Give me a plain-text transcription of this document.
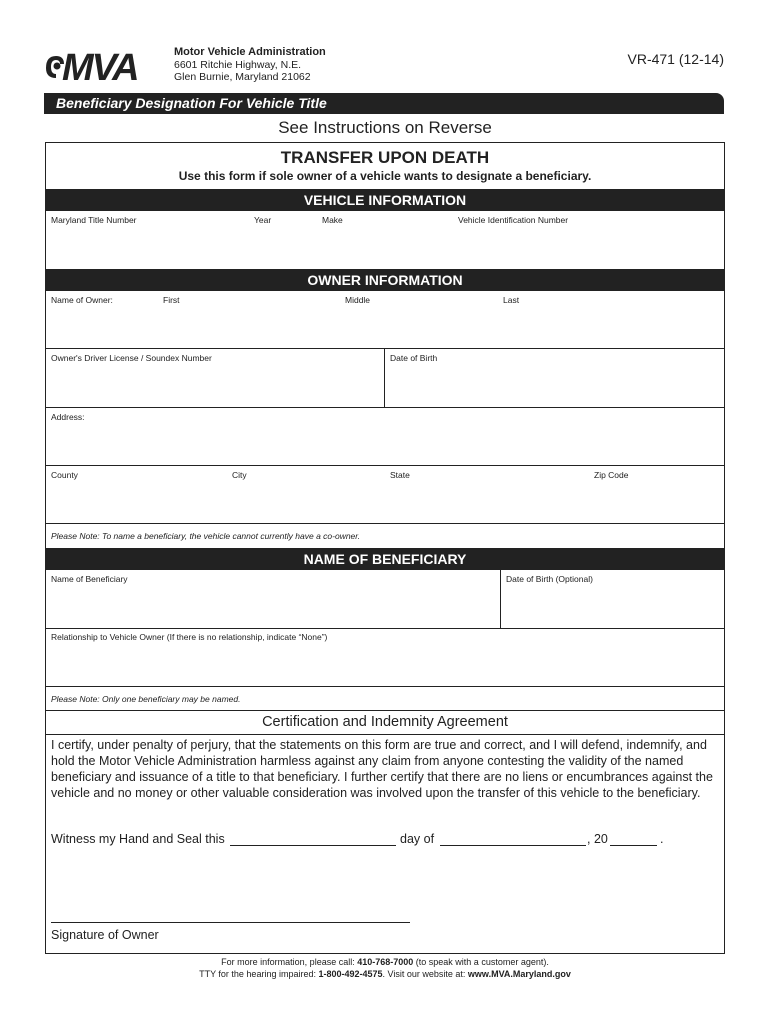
MVA	Motor Vehicle Administration
6601 Ritchie Highway, N.E.
Glen Burnie, Maryland 21062
VR-471 (12-14)
Beneficiary Designation For Vehicle Title
See Instructions on Reverse
TRANSFER UPON DEATH
Use this form if sole owner of a vehicle wants to designate a beneficiary.
VEHICLE INFORMATION
Maryland Title Number	Year	Make	Vehicle Identification Number
OWNER INFORMATION
Name of Owner:	First	Middle	Last
Owner's Driver License / Soundex Number	Date of Birth
Address:
County	City	State	Zip Code
Please Note: To name a beneficiary, the vehicle cannot currently have a co-owner.
NAME OF BENEFICIARY
Name of Beneficiary	Date of Birth (Optional)
Relationship to Vehicle Owner (If there is no relationship, indicate “None”)
Please Note: Only one beneficiary may be named.
Certification and Indemnity Agreement
I certify, under penalty of perjury, that the statements on this form are true and correct, and I will defend, indemnify, and hold the Motor Vehicle Administration harmless against any claim from anyone contesting the validity of the named beneficiary and issuance of a title to that beneficiary. I further certify that there are no liens or encumbrances against the vehicle and no money or other valuable consideration was involved upon the transfer of this vehicle to the beneficiary.
Witness my Hand and Seal this	day of	, 20	.
Signature of Owner
For more information, please call: 410-768-7000 (to speak with a customer agent).
TTY for the hearing impaired: 1-800-492-4575. Visit our website at: www.MVA.Maryland.gov
